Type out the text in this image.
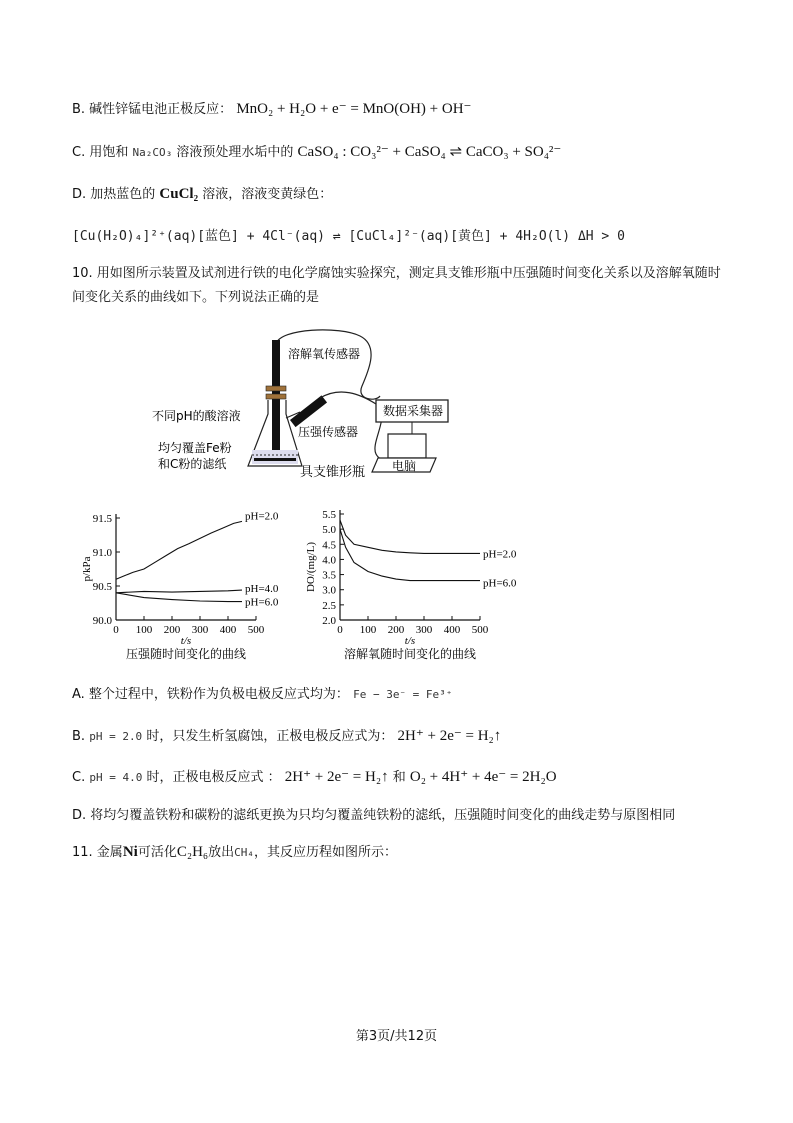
B. 碱性锌锰电池正极反应： MnO₂ + H₂O + e⁻ = MnO(OH) + OH⁻
C. 用饱和 Na₂CO₃ 溶液预处理水垢中的 CaSO₄ : CO₃²⁻ + CaSO₄ ⇌ CaCO₃ + SO₄²⁻
D. 加热蓝色的 CuCl₂ 溶液，溶液变黄绿色：
[Cu(H₂O)₄]²⁺(aq)[蓝色] + 4Cl⁻(aq) ⇌ [CuCl₄]²⁻(aq)[黄色] + 4H₂O(l) ΔH > 0
10. 用如图所示装置及试剂进行铁的电化学腐蚀实验探究，测定具支锥形瓶中压强随时间变化关系以及溶解氧随时间变化关系的曲线如下。下列说法正确的是
溶解氧传感器
不同pH的酸溶液
压强传感器
数据采集器
均匀覆盖Fe粉
和C粉的滤纸
具支锥形瓶 电脑
90.0
90.5
91.0
91.5
0 100 200 300 400 500
t/s
p/kPa
pH=2.0
pH=4.0
pH=6.0
压强随时间变化的曲线
2.0
2.5
3.0
3.5
4.0
4.5
5.0
5.5
0 100 200 300 400 500
t/s
DO/(mg/L)	pH=2.0
pH=6.0
溶解氧随时间变化的曲线
A. 整个过程中，铁粉作为负极电极反应式均为： Fe − 3e⁻ = Fe³⁺
B. pH = 2.0 时，只发生析氢腐蚀，正极电极反应式为： 2H⁺ + 2e⁻ = H₂↑
C. pH = 4.0 时，正极电极反应式 ： 2H⁺ + 2e⁻ = H₂↑ 和 O₂ + 4H⁺ + 4e⁻ = 2H₂O
D. 将均匀覆盖铁粉和碳粉的滤纸更换为只均匀覆盖纯铁粉的滤纸，压强随时间变化的曲线走势与原图相同
11. 金属Ni可活化C₂H₆放出CH₄，其反应历程如图所示：
第3页/共12页
